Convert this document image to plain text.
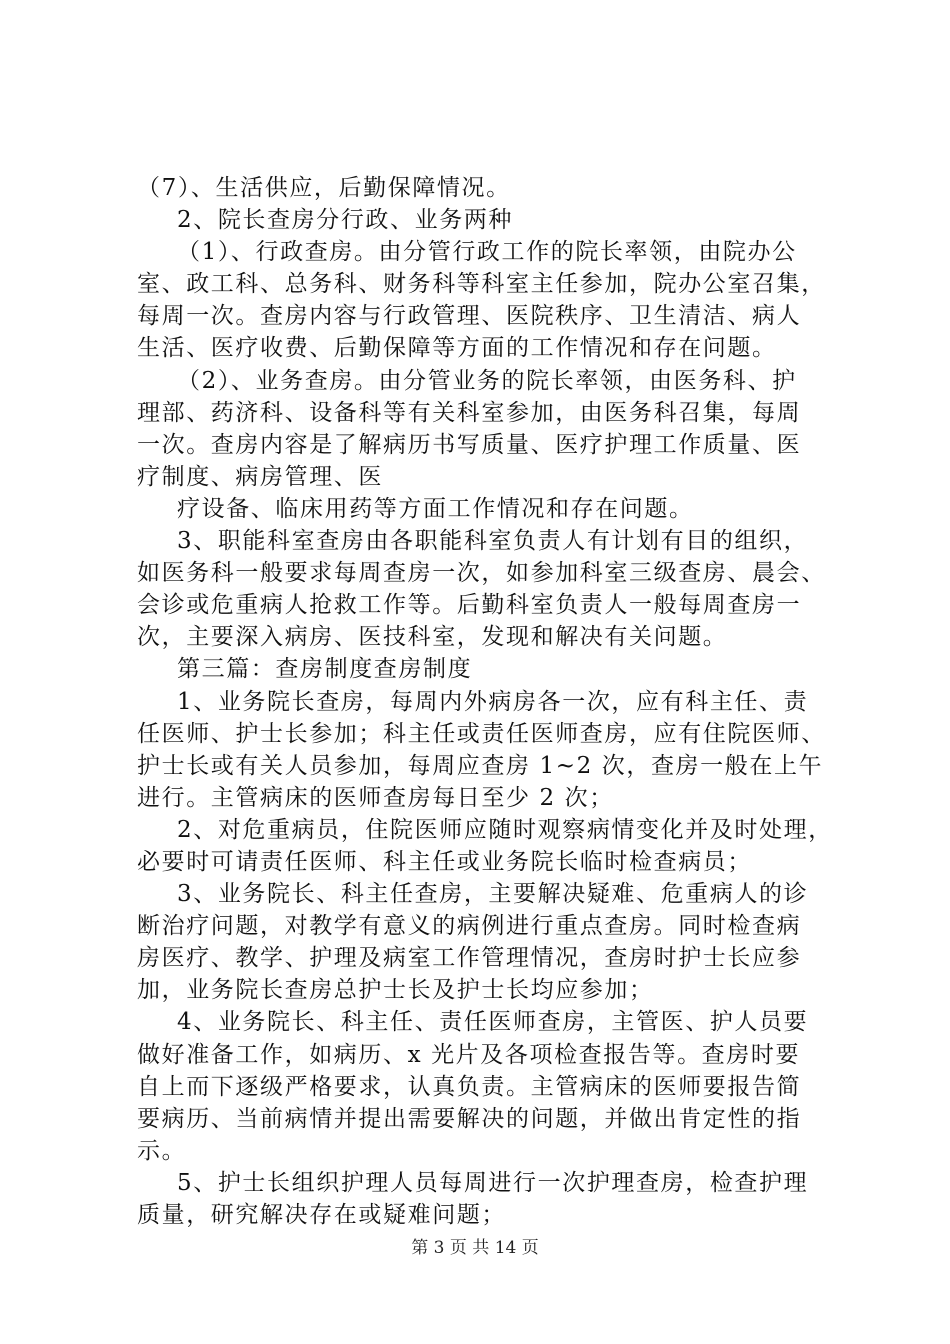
（7）、生活供应，后勤保障情况。

2、院长查房分行政、业务两种

（1）、行政查房。由分管行政工作的院长率领，由院办公

室、政工科、总务科、财务科等科室主任参加，院办公室召集，

每周一次。查房内容与行政管理、医院秩序、卫生清洁、病人

生活、医疗收费、后勤保障等方面的工作情况和存在问题。

（2）、业务查房。由分管业务的院长率领，由医务科、护

理部、药济科、设备科等有关科室参加，由医务科召集，每周

一次。查房内容是了解病历书写质量、医疗护理工作质量、医

疗制度、病房管理、医

疗设备、临床用药等方面工作情况和存在问题。

3、职能科室查房由各职能科室负责人有计划有目的组织，

如医务科一般要求每周查房一次，如参加科室三级查房、晨会、

会诊或危重病人抢救工作等。后勤科室负责人一般每周查房一

次，主要深入病房、医技科室，发现和解决有关问题。

第三篇：查房制度查房制度

1、业务院长查房，每周内外病房各一次，应有科主任、责

任医师、护士长参加；科主任或责任医师查房，应有住院医师、

护士长或有关人员参加，每周应查房 1~2 次，查房一般在上午

进行。主管病床的医师查房每日至少 2 次；

2、对危重病员，住院医师应随时观察病情变化并及时处理，

必要时可请责任医师、科主任或业务院长临时检查病员；

3、业务院长、科主任查房，主要解决疑难、危重病人的诊

断治疗问题，对教学有意义的病例进行重点查房。同时检查病

房医疗、教学、护理及病室工作管理情况，查房时护士长应参

加，业务院长查房总护士长及护士长均应参加；

4、业务院长、科主任、责任医师查房，主管医、护人员要

做好准备工作，如病历、x 光片及各项检查报告等。查房时要

自上而下逐级严格要求，认真负责。主管病床的医师要报告简

要病历、当前病情并提出需要解决的问题，并做出肯定性的指

示。

5、护士长组织护理人员每周进行一次护理查房，检查护理

质量，研究解决存在或疑难问题；

第 3 页 共 14 页
